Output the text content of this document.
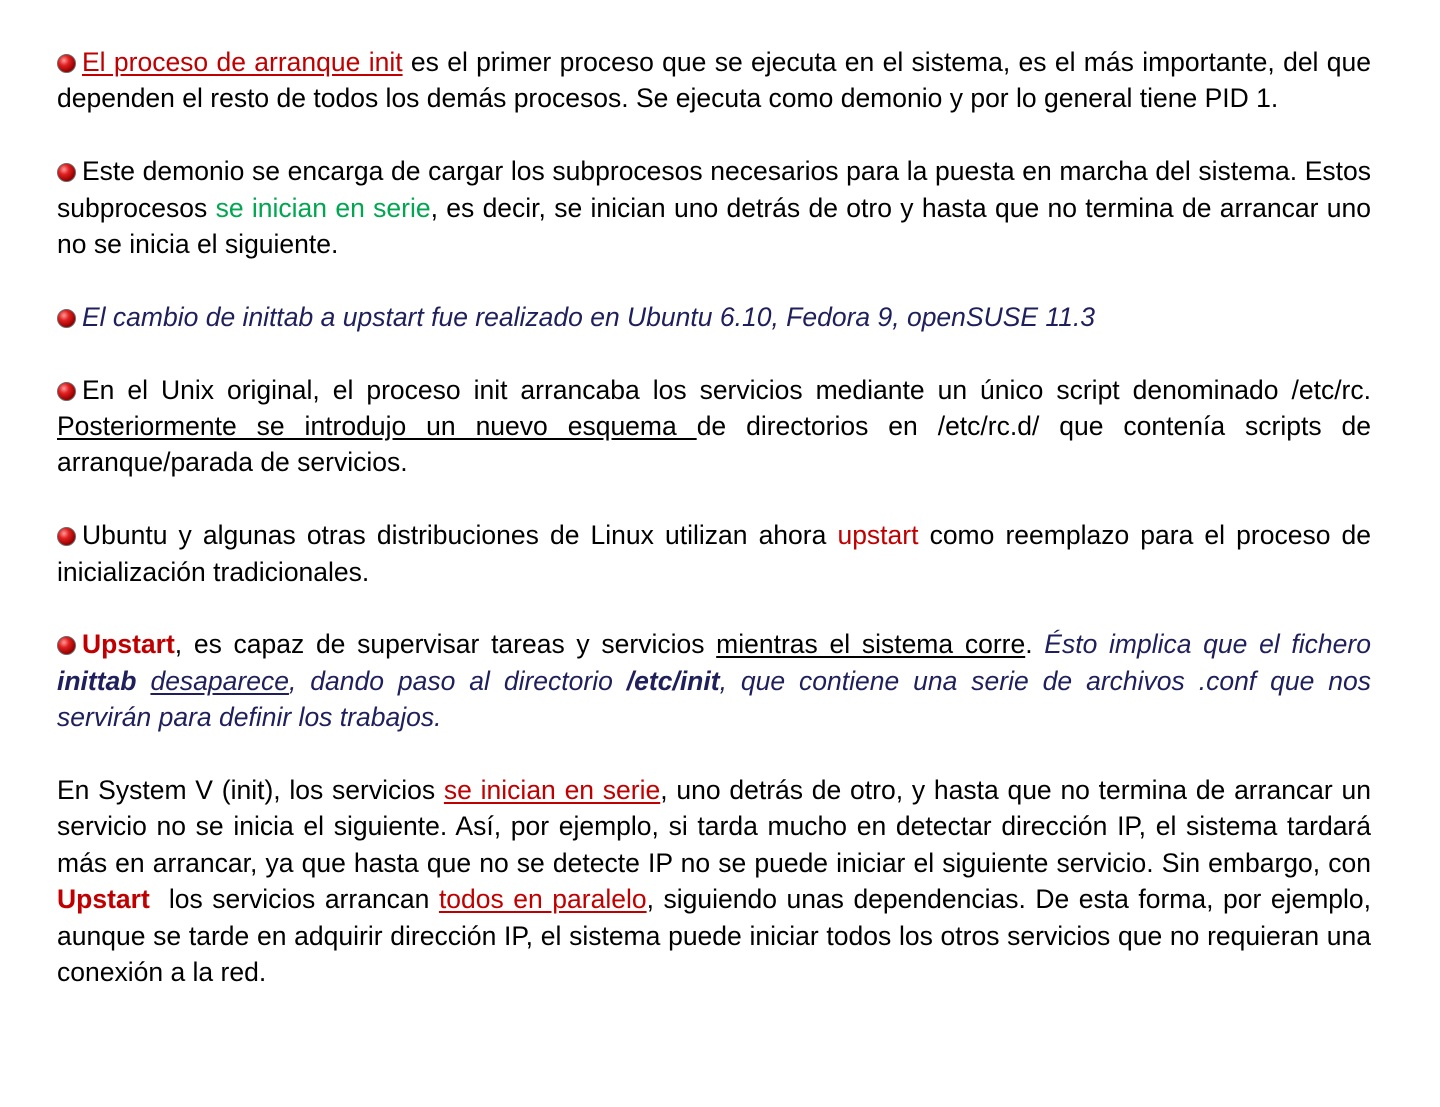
El proceso de arranque init es el primer proceso que se ejecuta en el sistema, es el más importante, del que dependen el resto de todos los demás procesos. Se ejecuta como demonio y por lo general tiene PID 1.

Este demonio se encarga de cargar los subprocesos necesarios para la puesta en marcha del sistema. Estos subprocesos se inician en serie, es decir, se inician uno detrás de otro y hasta que no termina de arrancar uno no se inicia el siguiente.

El cambio de inittab a upstart fue realizado en Ubuntu 6.10, Fedora 9, openSUSE 11.3

En el Unix original, el proceso init arrancaba los servicios mediante un único script denominado /etc/rc. Posteriormente se introdujo un nuevo esquema de directorios en /etc/rc.d/ que contenía scripts de arranque/parada de servicios.

Ubuntu y algunas otras distribuciones de Linux utilizan ahora upstart como reemplazo para el proceso de inicialización tradicionales.

Upstart, es capaz de supervisar tareas y servicios mientras el sistema corre. Ésto implica que el fichero inittab desaparece, dando paso al directorio /etc/init, que contiene una serie de archivos .conf que nos servirán para definir los trabajos.

En System V (init), los servicios se inician en serie, uno detrás de otro, y hasta que no termina de arrancar un servicio no se inicia el siguiente. Así, por ejemplo, si tarda mucho en detectar dirección IP, el sistema tardará más en arrancar, ya que hasta que no se detecte IP no se puede iniciar el siguiente servicio. Sin embargo, con Upstart  los servicios arrancan todos en paralelo, siguiendo unas dependencias. De esta forma, por ejemplo, aunque se tarde en adquirir dirección IP, el sistema puede iniciar todos los otros servicios que no requieran una conexión a la red.
